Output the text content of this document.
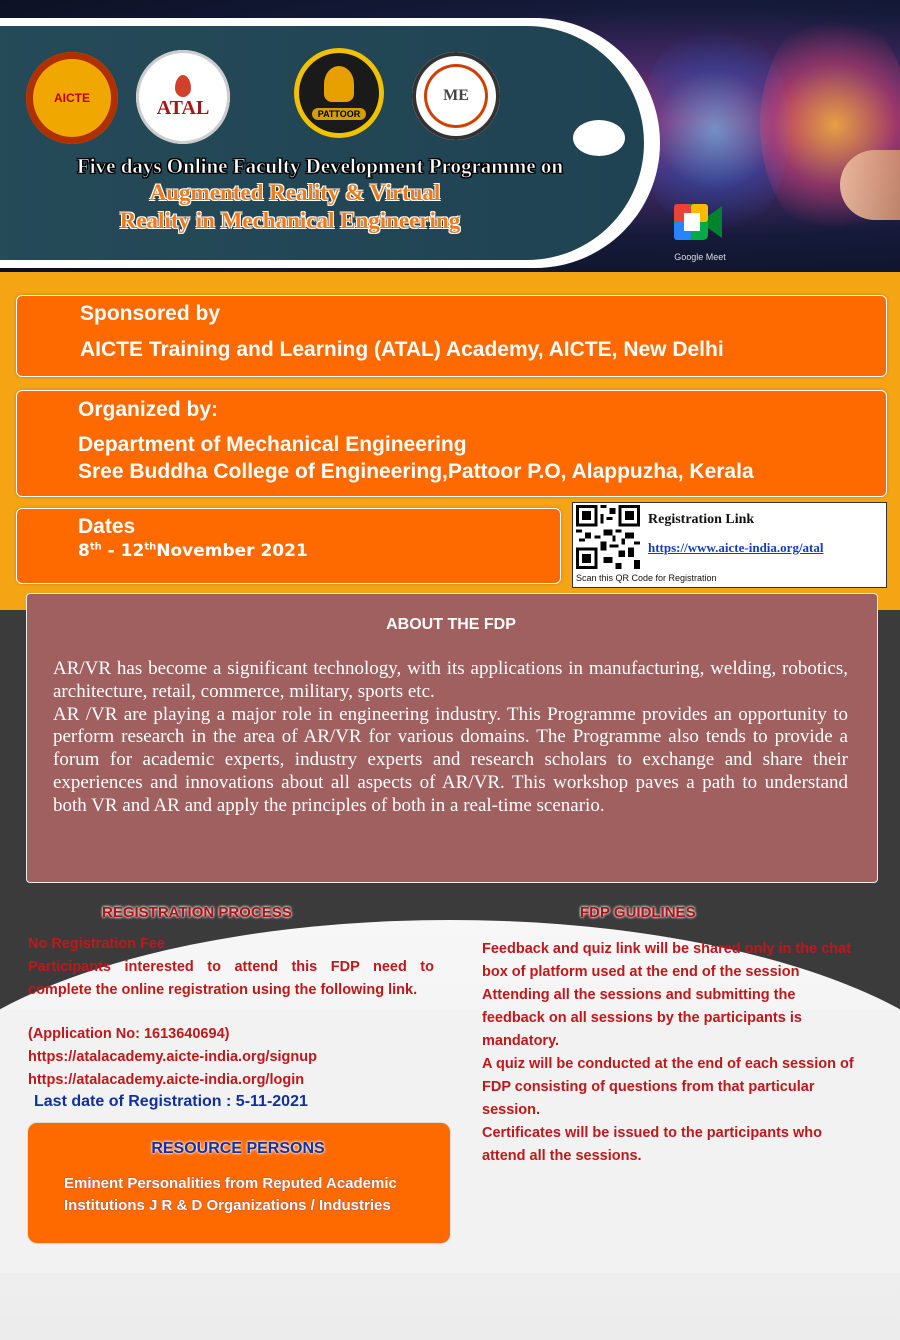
AICTE	ATAL	PATTOOR
ME
Five days Online Faculty Development Programme on
Augmented Reality & Virtual
Reality in Mechanical Engineering
Google Meet
Sponsored by
AICTE Training and Learning (ATAL) Academy, AICTE, New Delhi
Organized by:
Department of Mechanical Engineering
Sree Buddha College of Engineering,Pattoor P.O, Alappuzha, Kerala
Dates
8th - 12thNovember 2021
Registration Link
https://www.aicte-india.org/atal
Scan this QR Code for Registration
ABOUT THE FDP

AR/VR has become a significant technology, with its applications in manufacturing, welding, robotics, architecture, retail, commerce, military, sports etc.

AR /VR are playing a major role in engineering industry. This Programme provides an opportunity to perform research in the area of AR/VR for various domains. The Programme also tends to provide a forum for academic experts, industry experts and research scholars to exchange and share their experiences and innovations about all aspects of AR/VR. This workshop paves a path to understand both VR and AR and apply the principles of both in a real-time scenario.

REGISTRATION PROCESS
No Registration Fee
Participants interested to attend this FDP need to complete the online registration using the following link.
(Application No: 1613640694)
https://atalacademy.aicte-india.org/signup
https://atalacademy.aicte-india.org/login
Last date of Registration : 5-11-2021
FDP GUIDLINES
Feedback and quiz link will be shared only in the chat box of platform used at the end of the session
Attending all the sessions and submitting the feedback on all sessions by the participants is mandatory.
A quiz will be conducted at the end of each session of FDP consisting of questions from that particular session.
Certificates will be issued to the participants who attend all the sessions.
RESOURCE PERSONS
Eminent Personalities from Reputed Academic Institutions J R & D Organizations / Industries
